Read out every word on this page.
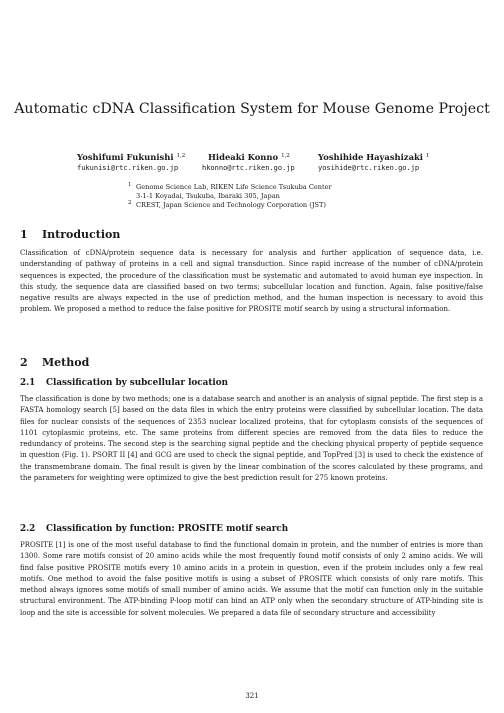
Automatic cDNA Classification System for Mouse Genome Project
Yoshifumi Fukunishi $^{1,2}$
fukunisi@rtc.riken.go.jp
Hideaki Konno $^{1,2}$
hkonno@rtc.riken.go.jp
Yoshihide Hayashizaki $^1$
yosihide@rtc.riken.go.jp
1 Genome Science Lab, RIKEN Life Science Tsukuba Center
3-1-1 Koyadai, Tsukuba, Ibaraki 305, Japan
2 CREST, Japan Science and Technology Corporation (JST)
1 Introduction
Classification of cDNA/protein sequence data is necessary for analysis and further application of sequence data, i.e. understanding of pathway of proteins in a cell and signal transduction. Since rapid increase of the number of cDNA/protein sequences is expected, the procedure of the classification must be systematic and automated to avoid human eye inspection. In this study, the sequence data are classified based on two terms; subcellular location and function. Again, false positive/false negative results are always expected in the use of prediction method, and the human inspection is necessary to avoid this problem. We proposed a method to reduce the false positive for PROSITE motif search by using a structural information.
2 Method
2.1 Classification by subcellular location
The classification is done by two methods; one is a database search and another is an analysis of signal peptide. The first step is a FASTA homology search [5] based on the data files in which the entry proteins were classified by subcellular location. The data files for nuclear consists of the sequences of 2353 nuclear localized proteins, that for cytoplasm consists of the sequences of 1101 cytoplasmic proteins, etc. The same proteins from different species are removed from the data files to reduce the redundancy of proteins. The second step is the searching signal peptide and the checking physical property of peptide sequence in question (Fig. 1). PSORT II [4] and GCG are used to check the signal peptide, and TopPred [3] is used to check the existence of the transmembrane domain. The final result is given by the linear combination of the scores calculated by these programs, and the parameters for weighting were optimized to give the best prediction result for 275 known proteins.
2.2 Classification by function: PROSITE motif search
PROSITE [1] is one of the most useful database to find the functional domain in protein, and the number of entries is more than 1300. Some rare motifs consist of 20 amino acids while the most frequently found motif consists of only 2 amino acids. We will find false positive PROSITE motifs every 10 amino acids in a protein in question, even if the protein includes only a few real motifs. One method to avoid the false positive motifs is using a subset of PROSITE which consists of only rare motifs. This method always ignores some motifs of small number of amino acids. We assume that the motif can function only in the suitable structural environment. The ATP-binding P-loop motif can bind an ATP only when the secondary structure of ATP-binding site is loop and the site is accessible for solvent molecules. We prepared a data file of secondary structure and accessibility
321
